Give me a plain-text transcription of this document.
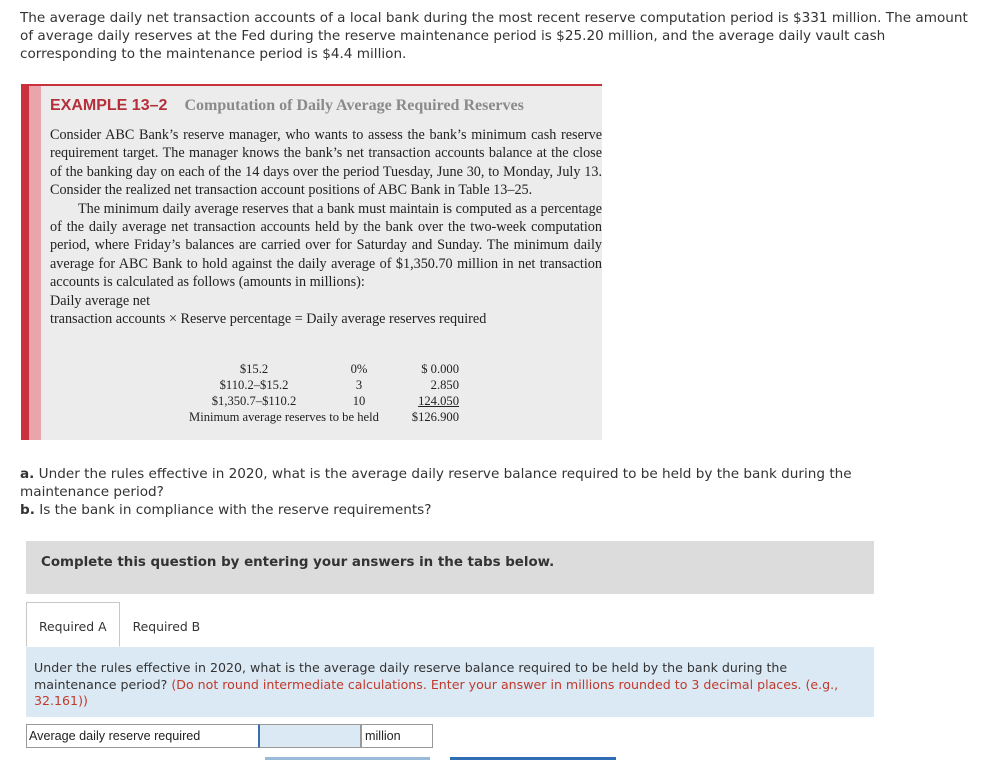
The average daily net transaction accounts of a local bank during the most recent reserve computation period is $331 million. The amount of average daily reserves at the Fed during the reserve maintenance period is $25.20 million, and the average daily vault cash corresponding to the maintenance period is $4.4 million.
EXAMPLE 13–2 Computation of Daily Average Required Reserves

Consider ABC Bank’s reserve manager, who wants to assess the bank’s minimum cash reserve requirement target. The manager knows the bank’s net transaction accounts balance at the close of the banking day on each of the 14 days over the period Tuesday, June 30, to Monday, July 13. Consider the realized net transaction account positions of ABC Bank in Table 13–25.

The minimum daily average reserves that a bank must maintain is computed as a percentage of the daily average net transaction accounts held by the bank over the two-week computation period, where Friday’s balances are carried over for Saturday and Sunday. The minimum daily average for ABC Bank to hold against the daily average of $1,350.70 million in net transaction accounts is calculated as follows (amounts in millions):

Daily average net

transaction accounts × Reserve percentage = Daily average reserves required

$15.2	0%	$ 0.000
$110.2–$15.2	3	2.850
$1,350.7–$110.2	10	124.050
Minimum average reserves to be held	$126.900
a. Under the rules effective in 2020, what is the average daily reserve balance required to be held by the bank during the maintenance period?
b. Is the bank in compliance with the reserve requirements?
Complete this question by entering your answers in the tabs below.
Required A	Required B
Under the rules effective in 2020, what is the average daily reserve balance required to be held by the bank during the maintenance period? (Do not round intermediate calculations. Enter your answer in millions rounded to 3 decimal places. (e.g., 32.161))
Average daily reserve required	million
